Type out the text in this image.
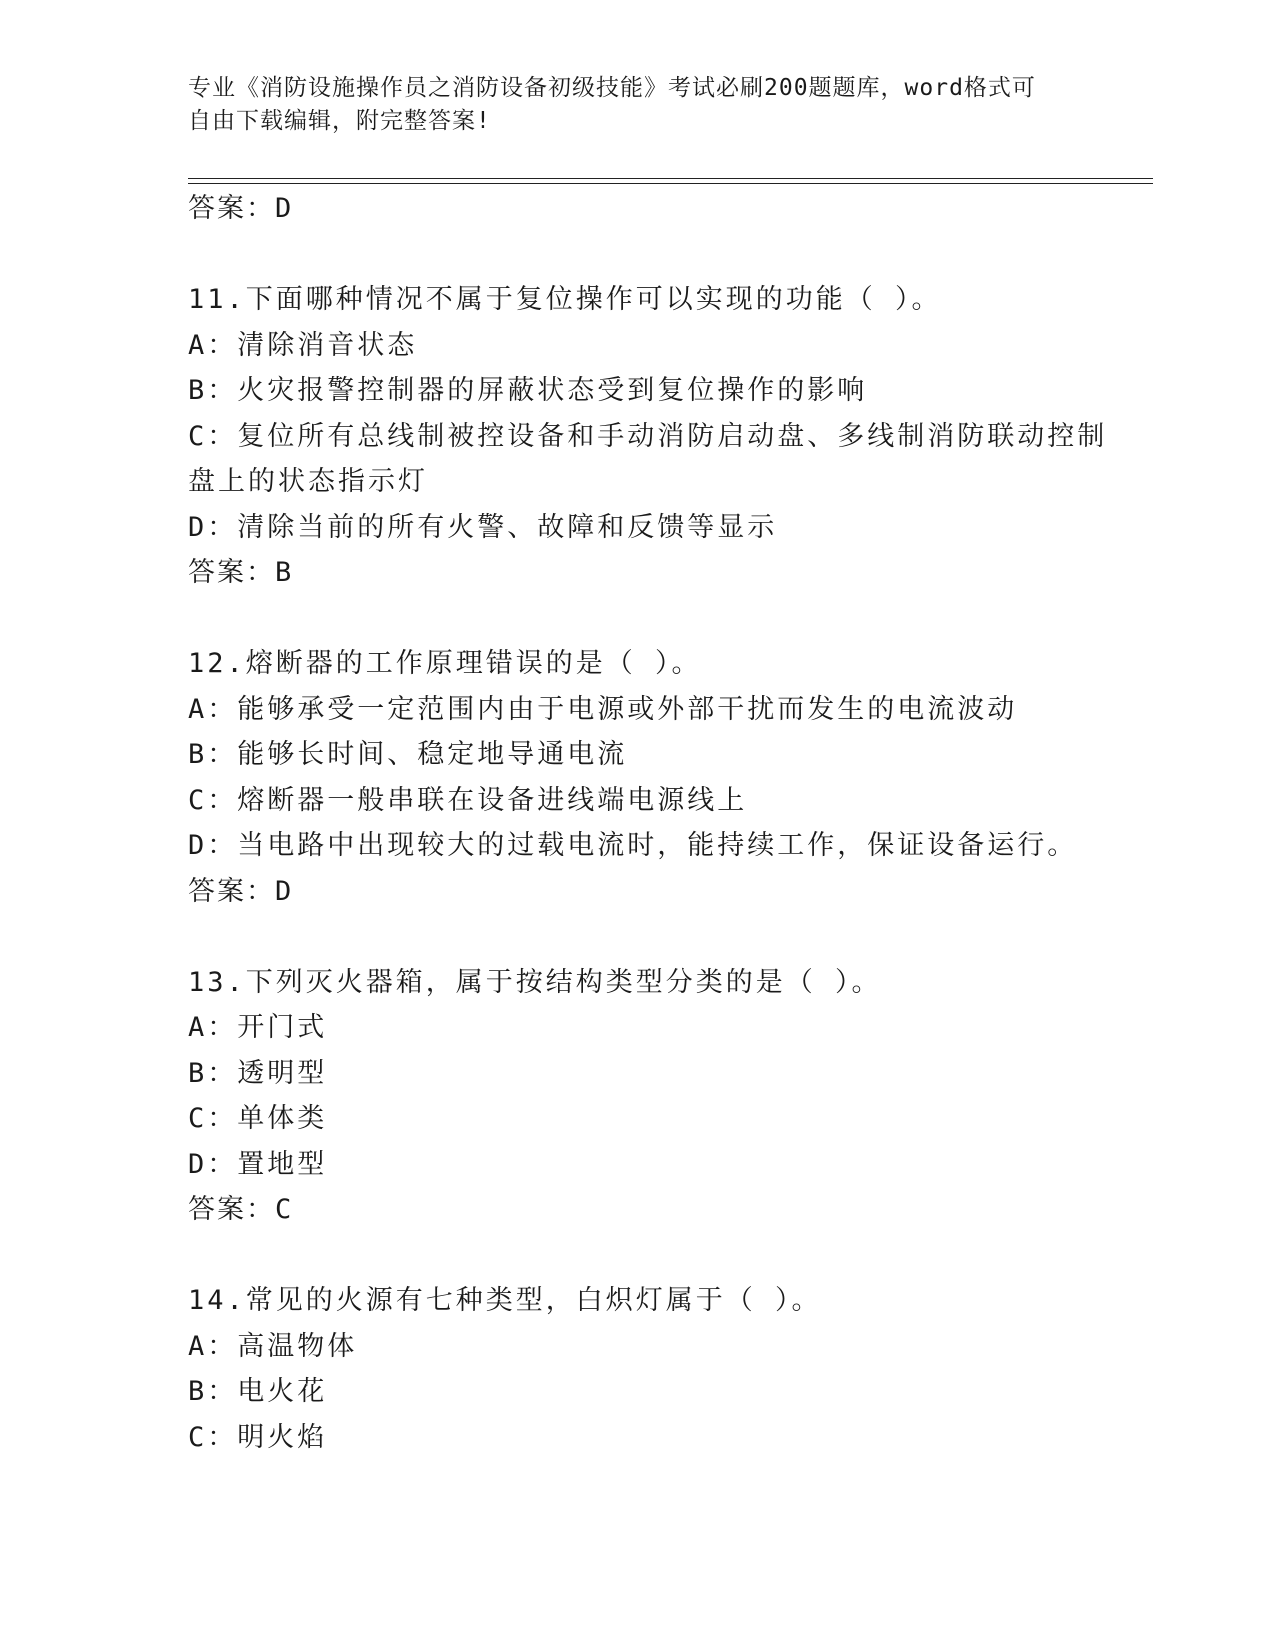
专业《消防设施操作员之消防设备初级技能》考试必刷200题题库，word格式可
自由下载编辑，附完整答案!
答案：D
11.下面哪种情况不属于复位操作可以实现的功能（ ）。
A：清除消音状态
B：火灾报警控制器的屏蔽状态受到复位操作的影响
C：复位所有总线制被控设备和手动消防启动盘、多线制消防联动控制
盘上的状态指示灯
D：清除当前的所有火警、故障和反馈等显示
答案：B
12.熔断器的工作原理错误的是（ ）。
A：能够承受一定范围内由于电源或外部干扰而发生的电流波动
B：能够长时间、稳定地导通电流
C：熔断器一般串联在设备进线端电源线上
D：当电路中出现较大的过载电流时，能持续工作，保证设备运行。
答案：D
13.下列灭火器箱，属于按结构类型分类的是（ ）。
A：开门式
B：透明型
C：单体类
D：置地型
答案：C
14.常见的火源有七种类型，白炽灯属于（ ）。
A：高温物体
B：电火花
C：明火焰
